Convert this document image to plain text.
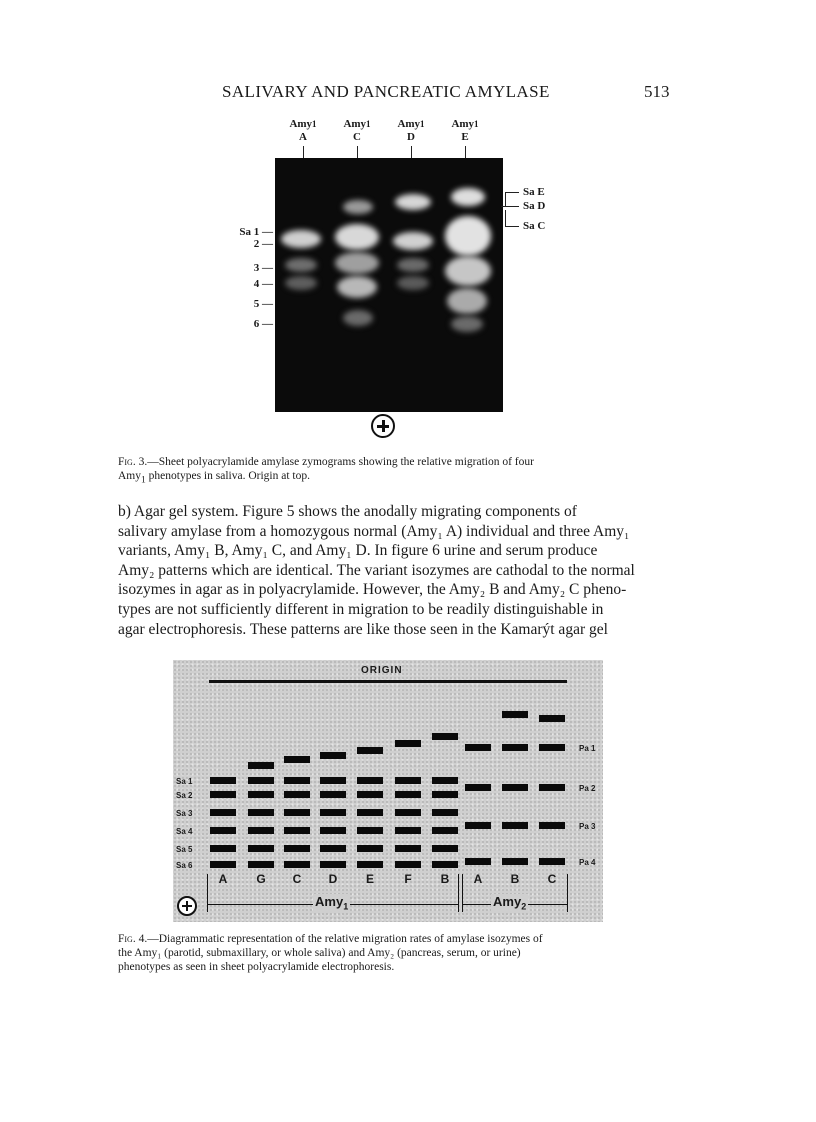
SALIVARY AND PANCREATIC AMYLASE	513
Amy1
A
Amy1
C
Amy1
D
Amy1
E
Sa 1 —
2 —
3 —
4 —
5 —
6 —
Sa E
Sa D
Sa C
Fig. 3.—Sheet polyacrylamide amylase zymograms showing the relative migration of four
Amy$_1$ phenotypes in saliva. Origin at top.

b) Agar gel system. Figure 5 shows the anodally migrating components of

salivary amylase from a homozygous normal (Amy₁ A) individual and three Amy₁

variants, Amy₁ B, Amy₁ C, and Amy₁ D. In figure 6 urine and serum produce

Amy₂ patterns which are identical. The variant isozymes are cathodal to the normal

isozymes in agar as in polyacrylamide. However, the Amy₂ B and Amy₂ C pheno-

types are not sufficiently different in migration to be readily distinguishable in

agar electrophoresis. These patterns are like those seen in the Kamarýt agar gel

ORIGIN
Sa 1
Sa 2
Sa 3
Sa 4
Sa 5
Sa 6
Pa 1
Pa 2
Pa 3
Pa 4
A	G	C	D	E	F	B	A	B	C
Amy$_1$	Amy$_2$
Fig. 4.—Diagrammatic representation of the relative migration rates of amylase isozymes of
the Amy₁ (parotid, submaxillary, or whole saliva) and Amy₂ (pancreas, serum, or urine)
phenotypes as seen in sheet polyacrylamide electrophoresis.
